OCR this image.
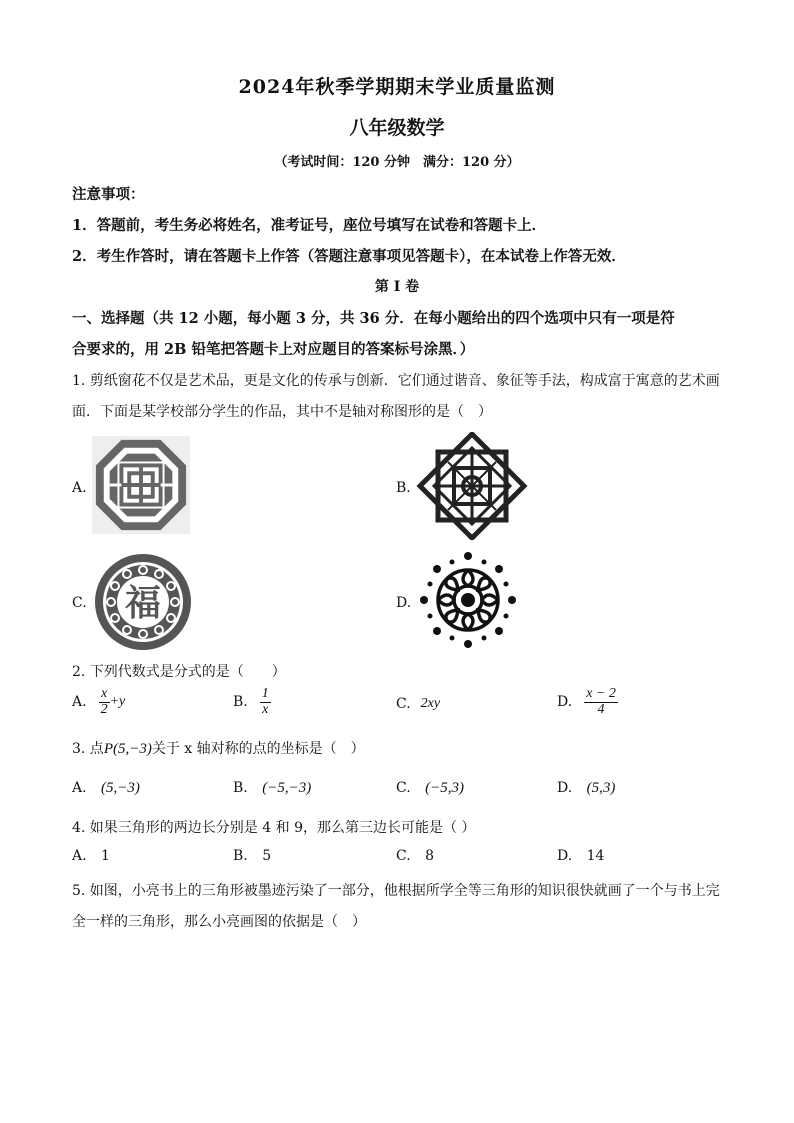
2024年秋季学期期末学业质量监测
八年级数学
（考试时间：120 分钟　满分：120 分）
注意事项：
1．答题前，考生务必将姓名，准考证号，座位号填写在试卷和答题卡上．
2．考生作答时，请在答题卡上作答（答题注意事项见答题卡），在本试卷上作答无效．
第 I 卷
一、选择题（共 12 小题，每小题 3 分，共 36 分．在每小题给出的四个选项中只有一项是符
合要求的，用 2B 铅笔把答题卡上对应题目的答案标号涂黑．）
1. 剪纸窗花不仅是艺术品，更是文化的传承与创新．它们通过谐音、象征等手法，构成富于寓意的艺术画
面．下面是某学校部分学生的作品，其中不是轴对称图形的是（　）
A.	B.
C. 福	D.
2. 下列代数式是分式的是（　　）
A. $\frac{x}{2} +y$	B. $\frac{1}{x}$	C. 2xy	D. $\frac{x - 2}{4}$
3. 点P(5,−3)关于 x 轴对称的点的坐标是（　）
A. (5,−3)	B. (−5,−3)	C. (−5,3)	D. (5,3)
4. 如果三角形的两边长分别是 4 和 9，那么第三边长可能是（ ）
A. 1	B. 5	C. 8	D. 14
5. 如图，小亮书上的三角形被墨迹污染了一部分，他根据所学全等三角形的知识很快就画了一个与书上完
全一样的三角形，那么小亮画图的依据是（　）
